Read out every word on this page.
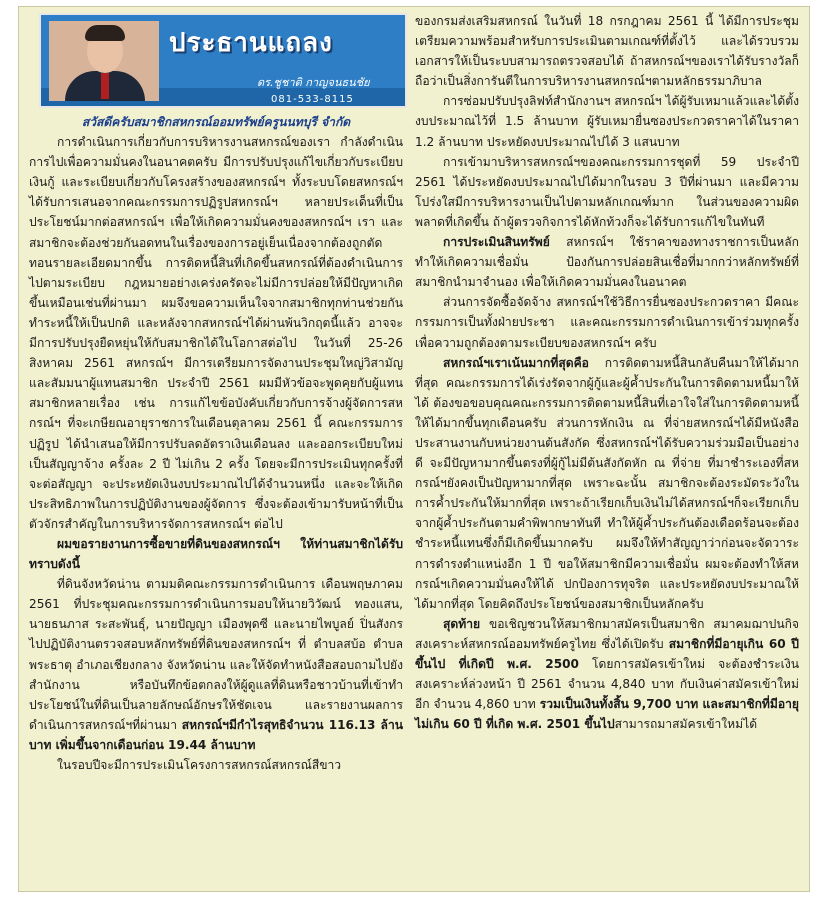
ประธานแถลง
ดร.ชูชาติ กาญจนธนชัย
081-533-8115

สวัสดีครับสมาชิกสหกรณ์ออมทรัพย์ครูนนทบุรี จำกัด

การดำเนินการเกี่ยวกับการบริหารงานสหกรณ์ของเรา กำลังดำเนินการไปเพื่อความมั่นคงในอนาคตครับ มีการปรับปรุงแก้ไขเกี่ยวกับระเบียบเงินกู้ และระเบียบเกี่ยวกับโครงสร้างของสหกรณ์ฯ ทั้งระบบโดยสหกรณ์ฯได้รับการเสนอจากคณะกรรมการปฏิรูปสหกรณ์ฯ หลายประเด็นที่เป็นประโยชน์มากต่อสหกรณ์ฯ เพื่อให้เกิดความมั่นคงของสหกรณ์ฯ เรา และสมาชิกจะต้องช่วยกันอดทนในเรื่องของการอยู่เย็นเนื่องจากต้องถูกตัดทอนรายละเอียดมากขึ้น การติดหนี้สินที่เกิดขึ้นสหกรณ์ที่ต้องดำเนินการไปตามระเบียบ กฎหมายอย่างเคร่งครัดจะไม่มีการปล่อยให้มีปัญหาเกิดขึ้นเหมือนเช่นที่ผ่านมา ผมจึงขอความเห็นใจจากสมาชิกทุกท่านช่วยกันทำระหนี้ให้เป็นปกติ และหลังจากสหกรณ์ฯได้ผ่านพ้นวิกฤตนี้แล้ว อาจจะมีการปรับปรุงยืดหยุ่นให้กับสมาชิกได้ในโอกาสต่อไป ในวันที่ 25-26 สิงหาคม 2561 สหกรณ์ฯ มีการเตรียมการจัดงานประชุมใหญ่วิสามัญ และสัมมนาผู้แทนสมาชิก ประจำปี 2561 ผมมีหัวข้อจะพูดคุยกับผู้แทนสมาชิกหลายเรื่อง เช่น การแก้ไขข้อบังคับเกี่ยวกับการจ้างผู้จัดการสหกรณ์ฯ ที่จะเกษียณอายุราชการในเดือนตุลาคม 2561 นี้ คณะกรรมการปฏิรูป ได้นำเสนอให้มีการปรับลดอัตราเงินเดือนลง และออกระเบียบใหม่เป็นสัญญาจ้าง ครั้งละ 2 ปี ไม่เกิน 2 ครั้ง โดยจะมีการประเมินทุกครั้งที่จะต่อสัญญา จะประหยัดเงินงบประมาณไปได้จำนวนหนึ่ง และจะให้เกิดประสิทธิภาพในการปฏิบัติงานของผู้จัดการ ซึ่งจะต้องเข้ามารับหน้าที่เป็นตัวจักรสำคัญในการบริหารจัดการสหกรณ์ฯ ต่อไป

ผมขอรายงานการซื้อขายที่ดินของสหกรณ์ฯ ให้ท่านสมาชิกได้รับทราบดังนี้

ที่ดินจังหวัดน่าน ตามมติคณะกรรมการดำเนินการ เดือนพฤษภาคม 2561 ที่ประชุมคณะกรรมการดำเนินการมอบให้นายวิวัฒน์ ทองแสน, นายธนภาส ระสะพันธุ์, นายปัญญา เมืองพุดซี และนายไพบูลย์ ปิ่นสังกร ไปปฏิบัติงานตรวจสอบหลักทรัพย์ที่ดินของสหกรณ์ฯ ที่ ตำบลสบ้อ ตำบลพระธาตุ อำเภอเชียงกลาง จังหวัดน่าน และให้จัดทำหนังสือสอบถามไปยังสำนักงาน หรือบันทึกข้อตกลงให้ผู้ดูแลที่ดินหรือชาวบ้านที่เข้าทำประโยชน์ในที่ดินเป็นลายลักษณ์อักษรให้ชัดเจน และรายงานผลการดำเนินการสหกรณ์ฯที่ผ่านมา สหกรณ์ฯมีกำไรสุทธิจำนวน 116.13 ล้านบาท เพิ่มขึ้นจากเดือนก่อน 19.44 ล้านบาท

ในรอบปีจะมีการประเมินโครงการสหกรณ์สหกรณ์สีขาว

ของกรมส่งเสริมสหกรณ์ ในวันที่ 18 กรกฎาคม 2561 นี้ ได้มีการประชุมเตรียมความพร้อมสำหรับการประเมินตามเกณฑ์ที่ตั้งไว้ และได้รวบรวมเอกสารให้เป็นระบบสามารถตรวจสอบได้ ถ้าสหกรณ์ฯของเราได้รับรางวัลก็ถือว่าเป็นสิ่งการันตีในการบริหารงานสหกรณ์ฯตามหลักธรรมาภิบาล

การซ่อมปรับปรุงลิฟท์สำนักงานฯ สหกรณ์ฯ ได้ผู้รับเหมาแล้วและได้ตั้งงบประมาณไว้ที่ 1.5 ล้านบาท ผู้รับเหมายื่นซองประกวดราคาได้ในราคา 1.2 ล้านบาท ประหยัดงบประมาณไปได้ 3 แสนบาท

การเข้ามาบริหารสหกรณ์ฯของคณะกรรมการชุดที่ 59 ประจำปี 2561 ได้ประหยัดงบประมาณไปได้มากในรอบ 3 ปีที่ผ่านมา และมีความโปร่งใสมีการบริหารงานเป็นไปตามหลักเกณฑ์มาก ในส่วนของความผิดพลาดที่เกิดขึ้น ถ้าผู้ตรวจกิจการได้หักท้วงก็จะได้รับการแก้ไขในทันที

การประเมินสินทรัพย์ สหกรณ์ฯ ใช้ราคาของทางราชการเป็นหลัก ทำให้เกิดความเชื่อมั่น ป้องกันการปล่อยสินเชื่อที่มากกว่าหลักทรัพย์ที่สมาชิกนำมาจำนอง เพื่อให้เกิดความมั่นคงในอนาคต

ส่วนการจัดซื้อจัดจ้าง สหกรณ์ฯใช้วิธีการยื่นซองประกวดราคา มีคณะกรรมการเป็นทั้งฝ่ายประชา และคณะกรรมการดำเนินการเข้าร่วมทุกครั้ง เพื่อความถูกต้องตามระเบียบของสหกรณ์ฯ ครับ

สหกรณ์ฯเราเน้นมากที่สุดคือ การติดตามหนี้สินกลับคืนมาให้ได้มากที่สุด คณะกรรมการได้เร่งรัดจากผู้กู้และผู้ค้ำประกันในการติดตามหนี้มาให้ได้ ต้องขอขอบคุณคณะกรรมการติดตามหนี้สินที่เอาใจใส่ในการติดตามหนี้ให้ได้มากขึ้นทุกเดือนครับ ส่วนการหักเงิน ณ ที่จ่ายสหกรณ์ฯได้มีหนังสือประสานงานกับหน่วยงานต้นสังกัด ซึ่งสหกรณ์ฯได้รับความร่วมมือเป็นอย่างดี จะมีปัญหามากขึ้นตรงที่ผู้กู้ไม่มีต้นสังกัดหัก ณ ที่จ่าย ที่มาชำระเองที่สหกรณ์ฯยังคงเป็นปัญหามากที่สุด เพราะฉะนั้น สมาชิกจะต้องระมัดระวังในการค้ำประกันให้มากที่สุด เพราะถ้าเรียกเก็บเงินไม่ได้สหกรณ์ฯก็จะเรียกเก็บจากผู้ค้ำประกันตามคำพิพากษาทันที ทำให้ผู้ค้ำประกันต้องเดือดร้อนจะต้องชำระหนี้แทนซึ่งก็มีเกิดขึ้นมากครับ ผมจึงให้ทำสัญญาว่าก่อนจะจัดวาระการดำรงตำแหน่งอีก 1 ปี ขอให้สมาชิกมีความเชื่อมั่น ผมจะต้องทำให้สหกรณ์ฯเกิดความมั่นคงให้ได้ ปกป้องการทุจริต และประหยัดงบประมาณให้ได้มากที่สุด โดยคิดถึงประโยชน์ของสมาชิกเป็นหลักครับ

สุดท้าย ขอเชิญชวนให้สมาชิกมาสมัครเป็นสมาชิก สมาคมฌาปนกิจสงเคราะห์สหกรณ์ออมทรัพย์ครูไทย ซึ่งได้เปิดรับ สมาชิกที่มีอายุเกิน 60 ปี ขึ้นไป ที่เกิดปี พ.ศ. 2500 โดยการสมัครเข้าใหม่ จะต้องชำระเงินสงเคราะห์ล่วงหน้า ปี 2561 จำนวน 4,840 บาท กับเงินค่าสมัครเข้าใหม่อีก จำนวน 4,860 บาท รวมเป็นเงินทั้งสิ้น 9,700 บาท และสมาชิกที่มีอายุไม่เกิน 60 ปี ที่เกิด พ.ศ. 2501 ขึ้นไปสามารถมาสมัครเข้าใหม่ได้
